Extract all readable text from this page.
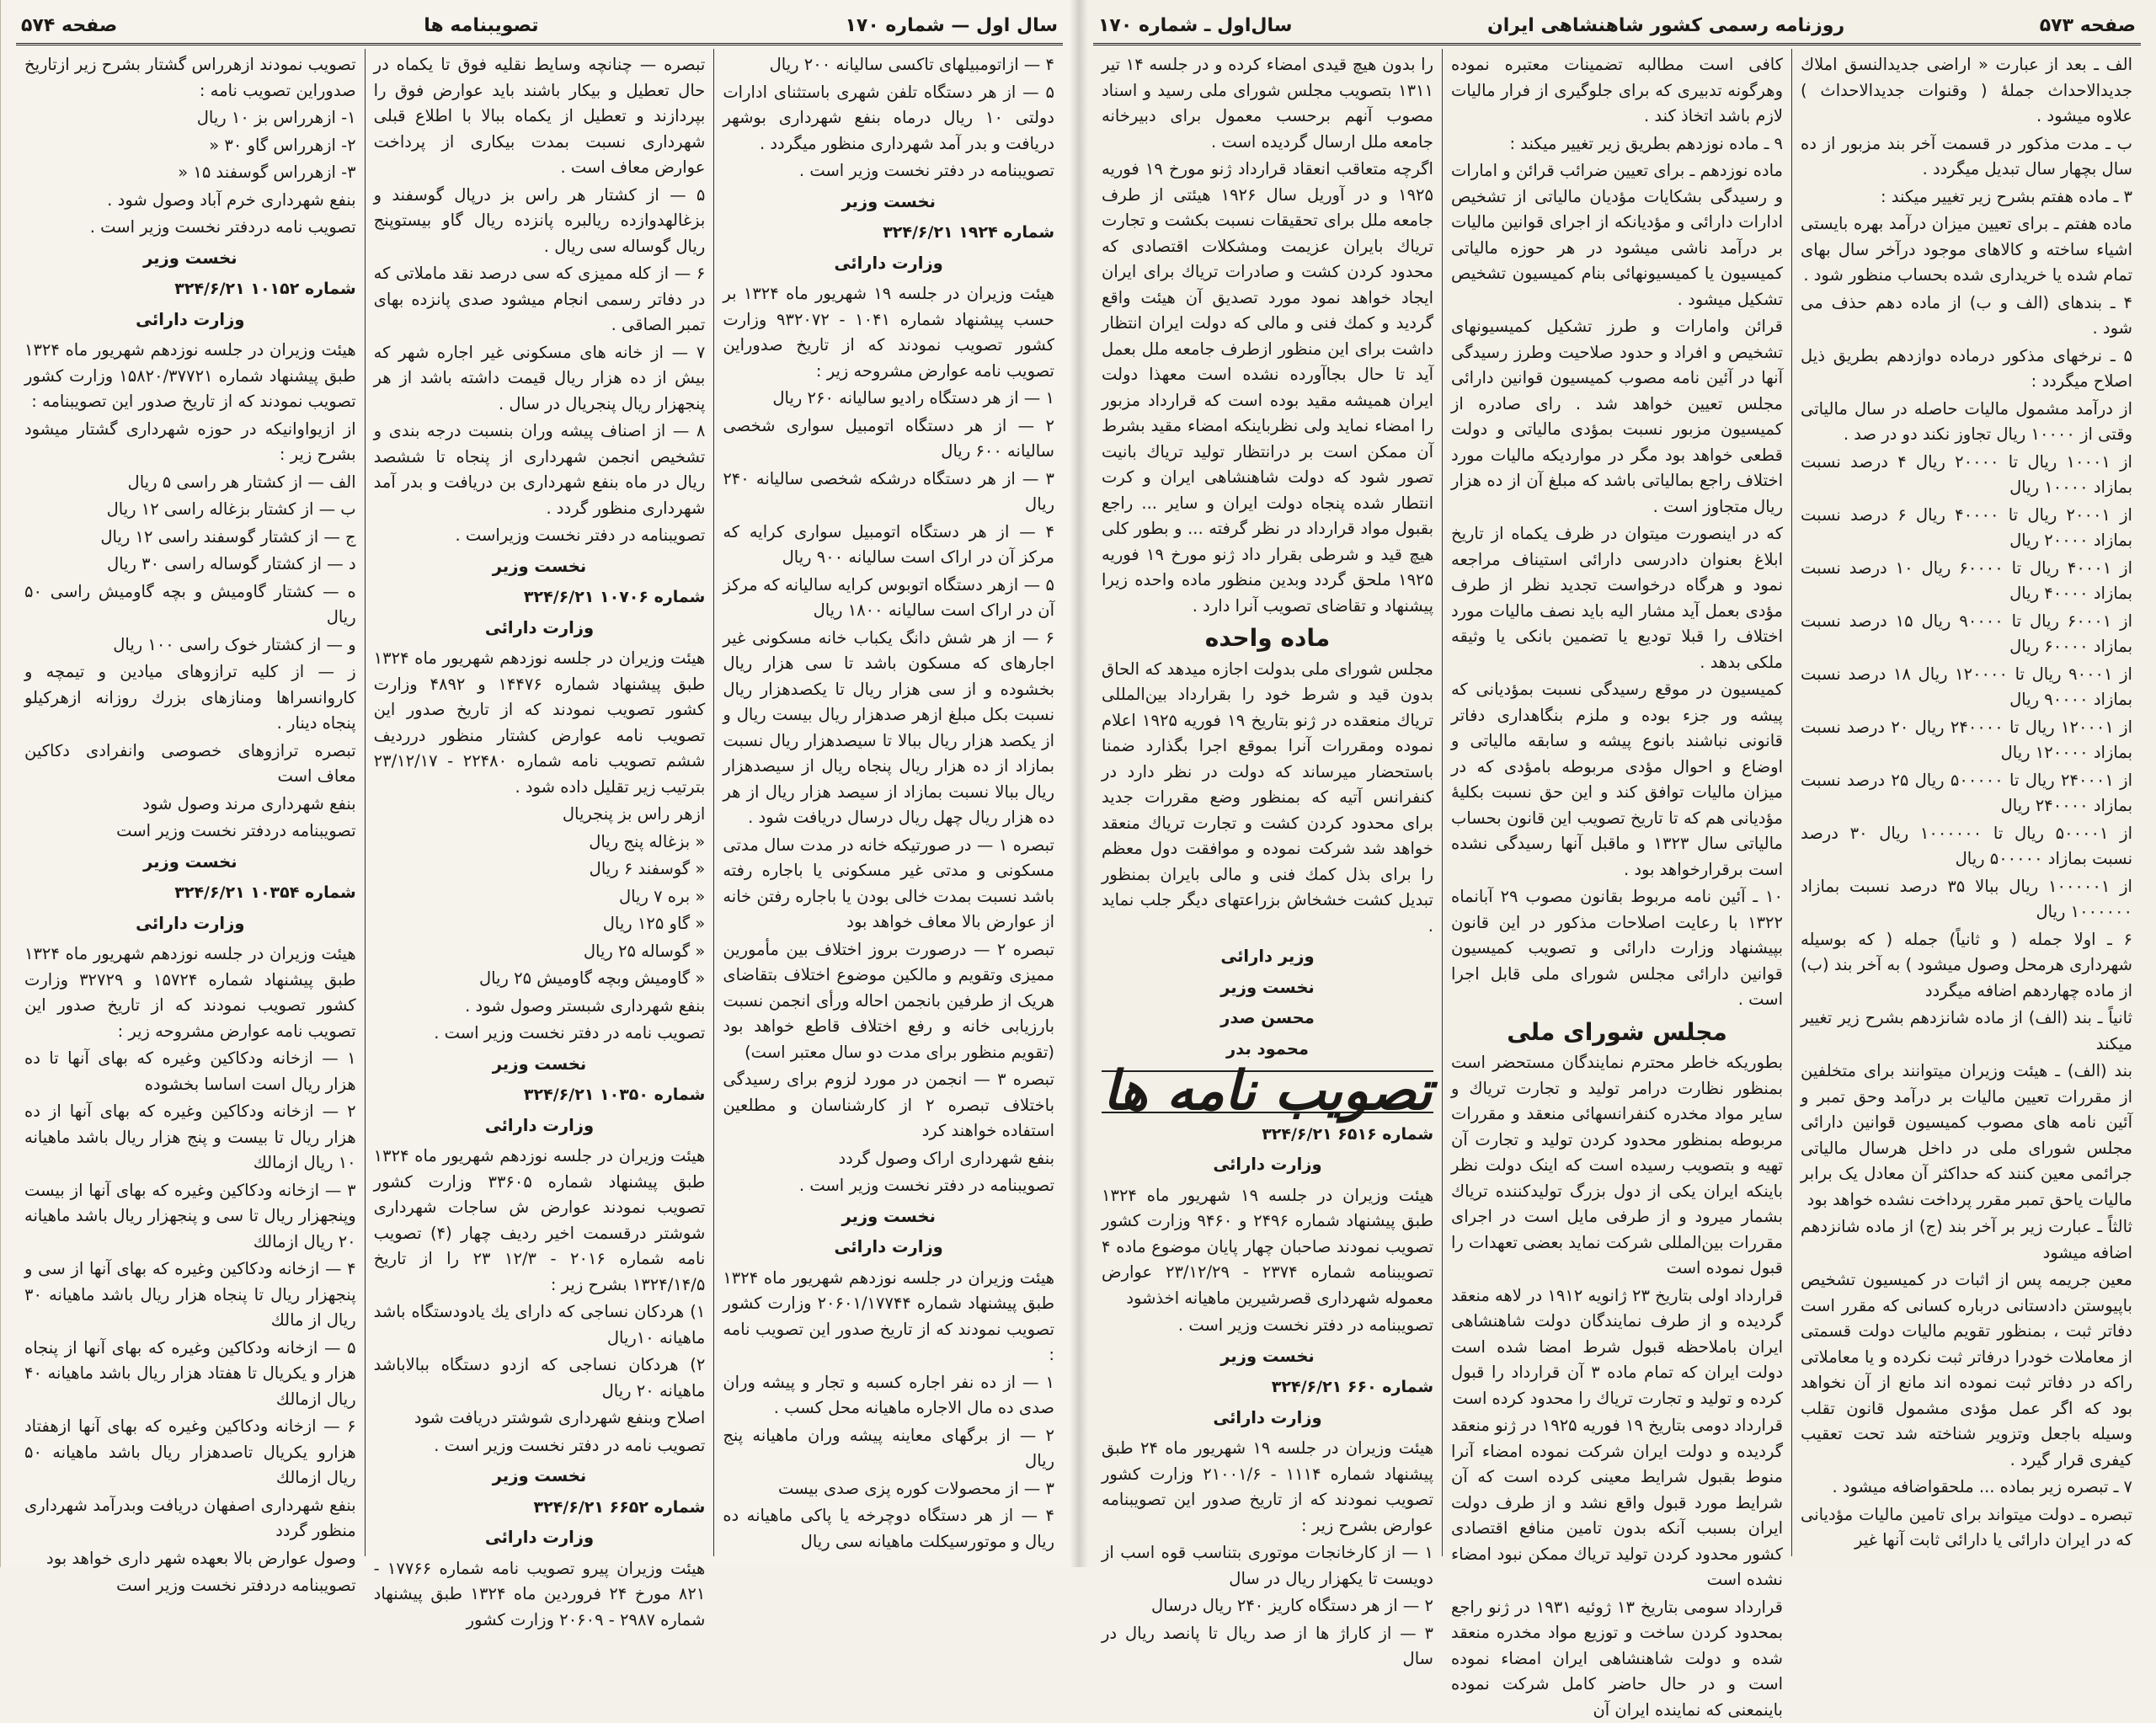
سال اول — شماره ۱۷۰
تصویبنامه ها
صفحه ۵۷۴
۴ — ازاتومبیلهای تاکسی سالیانه ۲۰۰ ریال
۵ — از هر دستگاه تلفن شهری باستثنای ادارات دولتی ۱۰ ریال درماه بنفع شهرداری بوشهر دریافت و بدر آمد شهرداری منظور میگردد .
تصویبنامه در دفتر نخست وزیر است .
نخست وزیر
شماره ۱۹۲۴ ۳۲۴/۶/۲۱
وزارت دارائی
هیئت وزیران در جلسه ۱۹ شهریور ماه ۱۳۲۴ بر حسب پیشنهاد شماره ۱۰۴۱ - ۹۳۲۰۷۲ وزارت کشور تصویب نمودند که از تاریخ صدوراین تصویب نامه عوارض مشروحه زیر :
۱ — از هر دستگاه رادیو سالیانه ۲۶۰ ریال
۲ — از هر دستگاه اتومبیل سواری شخصی سالیانه ۶۰۰ ریال
۳ — از هر دستگاه درشکه شخصی سالیانه ۲۴۰ ریال
۴ — از هر دستگاه اتومبیل سواری کرایه که مرکز آن در اراک است سالیانه ۹۰۰ ریال
۵ — ازهر دستگاه اتوبوس کرایه سالیانه که مرکز آن در اراک است سالیانه ۱۸۰۰ ریال
۶ — از هر شش دانگ یکباب خانه مسکونی غیر اجارهای که مسکون باشد تا سی هزار ریال بخشوده و از سی هزار ریال تا یکصدهزار ریال نسبت بکل مبلغ ازهر صدهزار ریال بیست ریال و از یکصد هزار ریال ببالا تا سیصدهزار ریال نسبت بمازاد از ده هزار ریال پنجاه ریال از سیصدهزار ریال ببالا نسبت بمازاد از سیصد هزار ریال از هر ده هزار ریال چهل ریال درسال دریافت شود .
تبصره ۱ — در صورتیکه خانه در مدت سال مدتی مسکونی و مدتی غیر مسکونی یا باجاره رفته باشد نسبت بمدت خالی بودن یا باجاره رفتن خانه از عوارض بالا معاف خواهد بود
تبصره ۲ — درصورت بروز اختلاف بین مأمورین ممیزی وتقویم و مالکین موضوع اختلاف بتقاضای هریک از طرفین بانجمن احاله ورأی انجمن نسبت بارزیابی خانه و رفع اختلاف قاطع خواهد بود (تقویم منظور برای مدت دو سال معتبر است)
تبصره ۳ — انجمن در مورد لزوم برای رسیدگی باختلاف تبصره ۲ از کارشناسان و مطلعین استفاده خواهند کرد
بنفع شهرداری اراک وصول گردد
تصویبنامه در دفتر نخست وزیر است .
نخست وزیر
وزارت دارائی
هیئت وزیران در جلسه نوزدهم شهریور ماه ۱۳۲۴ طبق پیشنهاد شماره ۲۰۶۰۱/۱۷۷۴۴ وزارت کشور تصویب نمودند که از تاریخ صدور این تصویب نامه :
۱ — از ده نفر اجاره کسبه و تجار و پیشه وران صدی ده مال الاجاره ماهیانه محل کسب .
۲ — از برگهای معاینه پیشه وران ماهیانه پنج ریال
۳ — از محصولات کوره پزی صدی بیست
۴ — از هر دستگاه دوچرخه یا پاکی ماهیانه ده ریال و موتورسیکلت ماهیانه سی ریال
تبصره — چنانچه وسایط نقلیه فوق تا یکماه در حال تعطیل و بیکار باشند باید عوارض فوق را بپردازند و تعطیل از یکماه ببالا با اطلاع قبلی شهرداری نسبت بمدت بیکاری از پرداخت عوارض معاف است .
۵ — از کشتار هر راس بز درپال گوسفند و بزغالهدوازده ریالبره پانزده ریال گاو بیستوپنج ریال گوساله سی ریال .
۶ — از کله ممیزی که سی درصد نقد ماملاتی که در دفاتر رسمی انجام میشود صدی پانزده بهای تمبر الصاقی .
۷ — از خانه های مسکونی غیر اجاره شهر که بیش از ده هزار ریال قیمت داشته باشد از هر پنجهزار ریال پنجریال در سال .
۸ — از اصناف پیشه وران بنسبت درجه بندی و تشخیص انجمن شهرداری از پنجاه تا ششصد ریال در ماه بنفع شهرداری بن دریافت و بدر آمد شهرداری منظور گردد .
تصویبنامه در دفتر نخست وزیراست .
نخست وزیر
شماره ۱۰۷۰۶ ۳۲۴/۶/۲۱
وزارت دارائی
هیئت وزیران در جلسه نوزدهم شهریور ماه ۱۳۲۴ طبق پیشنهاد شماره ۱۴۴۷۶ و ۴۸۹۲ وزارت کشور تصویب نمودند که از تاریخ صدور این تصویب نامه عوارض کشتار منظور درردیف ششم تصویب نامه شماره ۲۲۴۸۰ - ۲۳/۱۲/۱۷ بترتیب زیر تقلیل داده شود .
ازهر راس بز پنجریال
« بزغاله پنج ریال
« گوسفند ۶ ریال
« بره ۷ ریال
« گاو ۱۲۵ ریال
« گوساله ۲۵ ریال
« گاومیش وبچه گاومیش ۲۵ ریال
بنفع شهرداری شبستر وصول شود .
تصویب نامه در دفتر نخست وزیر است .
نخست وزیر
شماره ۱۰۳۵۰ ۳۲۴/۶/۲۱
وزارت دارائی
هیئت وزیران در جلسه نوزدهم شهریور ماه ۱۳۲۴ طبق پیشنهاد شماره ۳۳۶۰۵ وزارت کشور تصویب نمودند عوارض ش ساجات شهرداری شوشتر درقسمت اخیر ردیف چهار (۴) تصویب نامه شماره ۲۰۱۶ - ۱۲/۳ ۲۳ را از تاریخ ۱۳۲۴/۱۴/۵ بشرح زیر :
۱) هردکان نساجی که دارای یك یادودستگاه باشد ماهیانه ۱۰ریال
۲) هردکان نساجی که ازدو دستگاه ببالاباشد ماهیانه ۲۰ ریال
اصلاح وبنفع شهرداری شوشتر دریافت شود
تصویب نامه در دفتر نخست وزیر است .
نخست وزیر
شماره ۶۶۵۲ ۳۲۴/۶/۲۱
وزارت دارائی
هیئت وزیران پیرو تصویب نامه شماره ۱۷۷۶۶ - ۸۲۱ مورخ ۲۴ فروردین ماه ۱۳۲۴ طبق پیشنهاد شماره ۲۹۸۷ - ۲۰۶۰۹ وزارت کشور
تصویب نمودند ازهرراس گشتار بشرح زیر ازتاریخ صدوراین تصویب نامه :
۱- ازهرراس بز ۱۰ ریال
۲- ازهرراس گاو ۳۰ «
۳- ازهرراس گوسفند ۱۵ «
بنفع شهرداری خرم آباد وصول شود .
تصویب نامه دردفتر نخست وزیر است .
نخست وزیر
شماره ۱۰۱۵۲ ۳۲۴/۶/۲۱
وزارت دارائی
هیئت وزیران در جلسه نوزدهم شهریور ماه ۱۳۲۴ طبق پیشنهاد شماره ۱۵۸۲۰/۳۷۷۲۱ وزارت کشور تصویب نمودند که از تاریخ صدور این تصویبنامه :
از ازیواوانیکه در حوزه شهرداری گشتار میشود بشرح زیر :
الف — از کشتار هر راسی ۵ ریال
ب — از کشتار بزغاله راسی ۱۲ ریال
ج — از کشتار گوسفند راسی ۱۲ ریال
د — از کشتار گوساله راسی ۳۰ ریال
ه — کشتار گاومیش و بچه گاومیش راسی ۵۰ ریال
و — از کشتار خوک راسی ۱۰۰ ریال
ز — از کلیه ترازوهای میادین و تیمچه و کاروانسراها ومنازهای بزرك روزانه ازهرکیلو پنجاه دینار .
تبصره ترازوهای خصوصی وانفرادی دکاکین معاف است
بنفع شهرداری مرند وصول شود
تصویبنامه دردفتر نخست وزیر است
نخست وزیر
شماره ۱۰۳۵۴ ۳۲۴/۶/۲۱
وزارت دارائی
هیئت وزیران در جلسه نوزدهم شهریور ماه ۱۳۲۴ طبق پیشنهاد شماره ۱۵۷۲۴ و ۳۲۷۲۹ وزارت کشور تصویب نمودند که از تاریخ صدور این تصویب نامه عوارض مشروحه زیر :
۱ — ازخانه ودکاکین وغیره که بهای آنها تا ده هزار ریال است اساسا بخشوده
۲ — ازخانه ودکاکین وغیره که بهای آنها از ده هزار ریال تا بیست و پنج هزار ریال باشد ماهیانه ۱۰ ریال ازمالك
۳ — ازخانه ودکاکین وغیره که بهای آنها از بیست وپنجهزار ریال تا سی و پنجهزار ریال باشد ماهیانه ۲۰ ریال ازمالك
۴ — ازخانه ودکاکین وغیره که بهای آنها از سی و پنجهزار ریال تا پنجاه هزار ریال باشد ماهیانه ۳۰ ریال از مالك
۵ — ازخانه ودکاکین وغیره که بهای آنها از پنجاه هزار و یکریال تا هفتاد هزار ریال باشد ماهیانه ۴۰ ریال ازمالك
۶ — ازخانه ودکاکین وغیره که بهای آنها ازهفتاد هزارو یکریال تاصدهزار ریال باشد ماهیانه ۵۰ ریال ازمالك
بنفع شهرداری اصفهان دریافت وبدرآمد شهرداری منظور گردد
وصول عوارض بالا بعهده شهر داری خواهد بود
تصویبنامه دردفتر نخست وزیر است
صفحه ۵۷۳
روزنامه رسمی کشور شاهنشاهی ایران
سال‌اول ـ شماره ۱۷۰
الف ـ بعد از عبارت « اراضی جدیدالنسق املاك جدیدالاحداث جملهٔ ( وقنوات جدیدالاحداث ) علاوه میشود .
ب ـ مدت مذکور در قسمت آخر بند مزبور از ده سال بچهار سال تبدیل میگردد .
۳ ـ ماده هفتم بشرح زیر تغییر میکند :
ماده هفتم ـ برای تعیین میزان درآمد بهره بایستی اشیاء ساخته و کالاهای موجود درآخر سال بهای تمام شده یا خریداری شده بحساب منظور شود .
۴ ـ بندهای (الف و ب) از ماده دهم حذف می شود .
۵ ـ نرخهای مذکور درماده دوازدهم بطریق ذیل اصلاح میگردد :
از درآمد مشمول مالیات حاصله در سال مالیاتی وقتی از ۱۰۰۰۰ ریال تجاوز نکند دو در صد .
از ۱۰۰۰۱ ریال تا ۲۰۰۰۰ ریال ۴ درصد نسبت بمازاد ۱۰۰۰۰ ریال
از ۲۰۰۰۱ ریال تا ۴۰۰۰۰ ریال ۶ درصد نسبت بمازاد ۲۰۰۰۰ ریال
از ۴۰۰۰۱ ریال تا ۶۰۰۰۰ ریال ۱۰ درصد نسبت بمازاد ۴۰۰۰۰ ریال
از ۶۰۰۰۱ ریال تا ۹۰۰۰۰ ریال ۱۵ درصد نسبت بمازاد ۶۰۰۰۰ ریال
از ۹۰۰۰۱ ریال تا ۱۲۰۰۰۰ ریال ۱۸ درصد نسبت بمازاد ۹۰۰۰۰ ریال
از ۱۲۰۰۰۱ ریال تا ۲۴۰۰۰۰ ریال ۲۰ درصد نسبت بمازاد ۱۲۰۰۰۰ ریال
از ۲۴۰۰۰۱ ریال تا ۵۰۰۰۰۰ ریال ۲۵ درصد نسبت بمازاد ۲۴۰۰۰۰ ریال
از ۵۰۰۰۰۱ ریال تا ۱۰۰۰۰۰۰ ریال ۳۰ درصد نسبت بمازاد ۵۰۰۰۰۰ ریال
از ۱۰۰۰۰۰۱ ریال ببالا ۳۵ درصد نسبت بمازاد ۱۰۰۰۰۰۰ ریال
۶ ـ اولا جمله ( و ثانیاً) جمله ( که بوسیله شهرداری هرمحل وصول میشود ) به آخر بند (ب) از ماده چهاردهم اضافه میگردد
ثانیاً ـ بند (الف) از ماده شانزدهم بشرح زیر تغییر میکند
بند (الف) ـ هیئت وزیران میتوانند برای متخلفین از مقررات تعیین مالیات بر درآمد وحق تمبر و آئین نامه های مصوب کمیسیون قوانین دارائی مجلس شورای ملی در داخل هرسال مالیاتی جرائمی معین کنند که حداکثر آن معادل یک برابر مالیات یاحق تمبر مقرر پرداخت نشده خواهد بود
ثالثاً ـ عبارت زیر بر آخر بند (ج) از ماده شانزدهم اضافه میشود
معین جریمه پس از اثبات در کمیسیون تشخیص باپیوستن دادستانی درباره کسانی که مقرر است دفاتر ثبت ، بمنظور تقویم مالیات دولت قسمتی از معاملات خودرا درفاتر ثبت نکرده و یا معاملاتی راکه در دفاتر ثبت نموده اند مانع از آن نخواهد بود که اگر عمل مؤدی مشمول قانون تقلب وسیله باجعل وتزویر شناخته شد تحت تعقیب کیفری قرار گیرد .
۷ ـ تبصره زیر بماده ... ملحقواضافه میشود .
تبصره ـ دولت میتواند برای تامین مالیات مؤدیانی که در ایران دارائی یا دارائی ثابت آنها غیر
کافی است مطالبه تضمینات معتبره نموده وهرگونه تدبیری که برای جلوگیری از فرار مالیات لازم باشد اتخاذ کند .
۹ ـ ماده نوزدهم بطریق زیر تغییر میکند :
ماده نوزدهم ـ برای تعیین ضرائب قرائن و امارات و رسیدگی بشکایات مؤدیان مالیاتی از تشخیص ادارات دارائی و مؤدیانکه از اجرای قوانین مالیات بر درآمد ناشی میشود در هر حوزه مالیاتی کمیسیون یا کمیسیونهائی بنام کمیسیون تشخیص تشکیل میشود .
قرائن وامارات و طرز تشکیل کمیسیونهای تشخیص و افراد و حدود صلاحیت وطرز رسیدگی آنها در آئین نامه مصوب کمیسیون قوانین دارائی مجلس تعیین خواهد شد . رای صادره از کمیسیون مزبور نسبت بمؤدی مالیاتی و دولت قطعی خواهد بود مگر در مواردیکه مالیات مورد اختلاف راجع بمالیاتی باشد که مبلغ آن از ده هزار ریال متجاوز است .
که در اینصورت میتوان در ظرف یکماه از تاریخ ابلاغ بعنوان دادرسی دارائی استیناف مراجعه نمود و هرگاه درخواست تجدید نظر از طرف مؤدی بعمل آید مشار الیه باید نصف مالیات مورد اختلاف را قبلا تودیع یا تضمین بانکی یا وثیقه ملکی بدهد .
کمیسیون در موقع رسیدگی نسبت بمؤدیانی که پیشه ور جزء بوده و ملزم بنگاهداری دفاتر قانونی نباشند بانوع پیشه و سابقه مالیاتی و اوضاع و احوال مؤدی مربوطه بامؤدی که در میزان مالیات توافق کند و این حق نسبت بکلیهٔ مؤدیانی هم که تا تاریخ تصویب این قانون بحساب مالیاتی سال ۱۳۲۳ و ماقبل آنها رسیدگی نشده است برقرارخواهد بود .
۱۰ ـ آئین نامه مربوط بقانون مصوب ۲۹ آبانماه ۱۳۲۲ با رعایت اصلاحات مذکور در این قانون بپیشنهاد وزارت دارائی و تصویب کمیسیون قوانین دارائی مجلس شورای ملی قابل اجرا است .
مجلس شورای ملی
بطوریکه خاطر محترم نمایندگان مستحضر است بمنظور نظارت درامر تولید و تجارت تریاك و سایر مواد مخدره کنفرانسهائی منعقد و مقررات مربوطه بمنظور محدود کردن تولید و تجارت آن تهیه و بتصویب رسیده است که اینک دولت نظر باینکه ایران یکی از دول بزرگ تولیدکننده تریاك بشمار میرود و از طرفی مایل است در اجرای مقررات بین‌المللی شرکت نماید بعضی تعهدات را قبول نموده است
قرارداد اولی بتاریخ ۲۳ ژانویه ۱۹۱۲ در لاهه منعقد گردیده و از طرف نمایندگان دولت شاهنشاهی ایران باملاحظه قبول شرط امضا شده است دولت ایران که تمام ماده ۳ آن قرارداد را قبول کرده و تولید و تجارت تریاك را محدود کرده است
قرارداد دومی بتاریخ ۱۹ فوریه ۱۹۲۵ در ژنو منعقد گردیده و دولت ایران شرکت نموده امضاء آنرا منوط بقبول شرایط معینی کرده است که آن شرایط مورد قبول واقع نشد و از طرف دولت ایران بسبب آنکه بدون تامین منافع اقتصادی کشور محدود کردن تولید تریاك ممکن نبود امضاء نشده است
قرارداد سومی بتاریخ ۱۳ ژوئیه ۱۹۳۱ در ژنو راجع بمحدود کردن ساخت و توزیع مواد مخدره منعقد شده و دولت شاهنشاهی ایران امضاء نموده است و در حال حاضر کامل شرکت نموده باینمعنی که نماینده ایران آن
را بدون هیچ قیدی امضاء کرده و در جلسه ۱۴ تیر ۱۳۱۱ بتصویب مجلس شورای ملی رسید و اسناد مصوب آنهم برحسب معمول برای دبیرخانه جامعه ملل ارسال گردیده است .
اگرچه متعاقب انعقاد قرارداد ژنو مورخ ۱۹ فوریه ۱۹۲۵ و در آوریل سال ۱۹۲۶ هیئتی از طرف جامعه ملل برای تحقیقات نسبت بکشت و تجارت تریاك بایران عزیمت ومشکلات اقتصادی که محدود کردن کشت و صادرات تریاك برای ایران ایجاد خواهد نمود مورد تصدیق آن هیئت واقع گردید و کمك فنی و مالی که دولت ایران انتظار داشت برای این منظور ازطرف جامعه ملل بعمل آید تا حال بجاآورده نشده است معهذا دولت ایران همیشه مقید بوده است که قرارداد مزبور را امضاء نماید ولی نظرباینکه امضاء مقید بشرط آن ممکن است بر درانتظار تولید تریاك بانیت تصور شود که دولت شاهنشاهی ایران و کرت انتطار شده پنجاه دولت ایران و سایر ... راجع بقبول مواد قرارداد در نظر گرفته ... و بطور کلی هیچ قید و شرطی بقرار داد ژنو مورخ ۱۹ فوریه ۱۹۲۵ ملحق گردد وبدین منظور ماده واحده زیرا پیشنهاد و تقاضای تصویب آنرا دارد .
ماده واحده
مجلس شورای ملی بدولت اجازه میدهد که الحاق بدون قید و شرط خود را بقرارداد بین‌المللی تریاك منعقده در ژنو بتاریخ ۱۹ فوریه ۱۹۲۵ اعلام نموده ومقررات آنرا بموقع اجرا بگذارد ضمنا باستحضار میرساند که دولت در نظر دارد در کنفرانس آتیه که بمنظور وضع مقررات جدید برای محدود کردن کشت و تجارت تریاك منعقد خواهد شد شرکت نموده و موافقت دول معظم را برای بذل کمك فنی و مالی بایران بمنظور تبدیل کشت خشخاش بزراعتهای دیگر جلب نماید .
وزیر دارائی
نخست وزیر
محسن صدر
محمود بدر
تصویب نامه ها
شماره ۶۵۱۶ ۳۲۴/۶/۲۱
وزارت دارائی
هیئت وزیران در جلسه ۱۹ شهریور ماه ۱۳۲۴ طبق پیشنهاد شماره ۲۴۹۶ و ۹۴۶۰ وزارت کشور تصویب نمودند صاحبان چهار پایان موضوع ماده ۴ تصویبنامه شماره ۲۳۷۴ - ۲۳/۱۲/۲۹ عوارض معموله شهرداری قصرشیرین ماهیانه اخذشود
تصویبنامه در دفتر نخست وزیر است .
نخست وزیر
شماره ۶۶۰ ۳۲۴/۶/۲۱
وزارت دارائی
هیئت وزیران در جلسه ۱۹ شهریور ماه ۲۴ طبق پیشنهاد شماره ۱۱۱۴ - ۲۱۰۰۱/۶ وزارت کشور تصویب نمودند که از تاریخ صدور این تصویبنامه عوارض بشرح زیر :
۱ — از کارخانجات موتوری بتناسب قوه اسب از دویست تا یکهزار ریال در سال
۲ — از هر دستگاه کاریز ۲۴۰ ریال درسال
۳ — از کاراژ ها از صد ریال تا پانصد ریال در سال
